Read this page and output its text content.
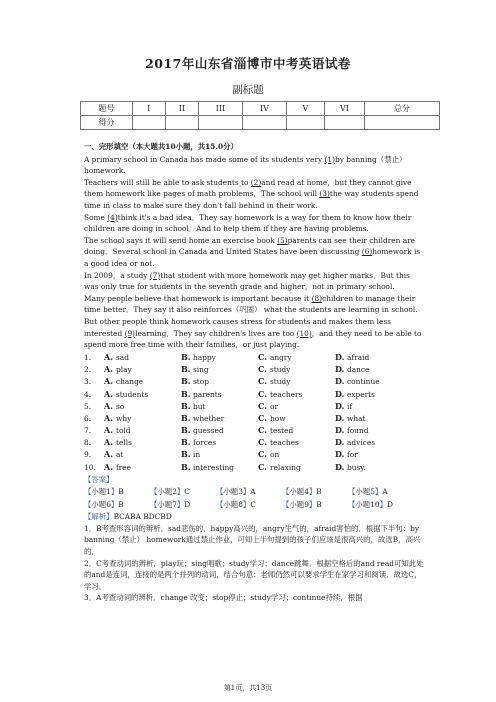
2017年山东省淄博市中考英语试卷
副标题
题号	I	II	III	IV	V	VI	总分
得分							
一、完形填空（本大题共10小题，共15.0分）

A primary school in Canada has made some of its students very (1)by banning（禁止）homework.

Teachers will still be able to ask students to (2)and read at home，but they cannot give them homework like pages of math problems．The school will (3)the way students spend time in class to make sure they don't fall behind in their work.

Some (4)think it's a bad idea．They say homework is a way for them to know how their children are doing in school．And to help them if they are having problems.

The school says it will send home an exercise book (5)parents can see their children are doing．Several school in Canada and United States have been discussing (6)homework is a good idea or not.

In 2009，a study (7)that student with more homework may get higher marks．But this was only true for students in the seventh grade and higher，not in primary school.

Many people believe that homework is important because it (8)children to manage their time better．They say it also reinforces（巩固） what the students are learning in school.

But other people think homework causes stress for students and makes them less interested (9)learning．They say children's lives are too (10)，and they need to be able to spend more free time with their families，or just playing.

1.	A. sad	B. happy	C. angry	D. afraid
2.	A. play	B. sing	C. study	D. dance
3.	A. change	B. stop	C. study	D. continue
4.	A. students	B. parents	C. teachers	D. experts
5.	A. so	B. but	C. or	D. if
6.	A. why	B. whether	C. how	D. what
7.	A. told	B. guessed	C. tested	D. found
8.	A. tells	B. forces	C. teaches	D. advices
9.	A. at	B. in	C. on	D. for
10.	A. free	B. interesting	C. relaxing	D. busy.
【答案】
【小题1】B	【小题2】C	【小题3】A	【小题4】B	【小题5】A
【小题6】B	【小题7】D	【小题8】C	【小题9】B	【小题10】D
【解析】BCABA BDCBD
1．B考查形容词的辨析．sad悲伤的，happy高兴的，angry生气的，afraid害怕的．根据下半句：by banning（禁止） homework通过禁止作业，可知上半句提到的孩子们应该是很高兴的，故选B，高兴的．
2．C考查动词的辨析．play玩；sing唱歌；study学习；dance跳舞．根据空格后的and read可知此处的and是连词，连接的是两个并列的动词，结合句意：老师仍然可以要求学生在家学习和阅读．故选C，学习．
3．A考查动词的辨析．change 改变；stop停止；study学习；continue持续．根据
第1页，共13页
